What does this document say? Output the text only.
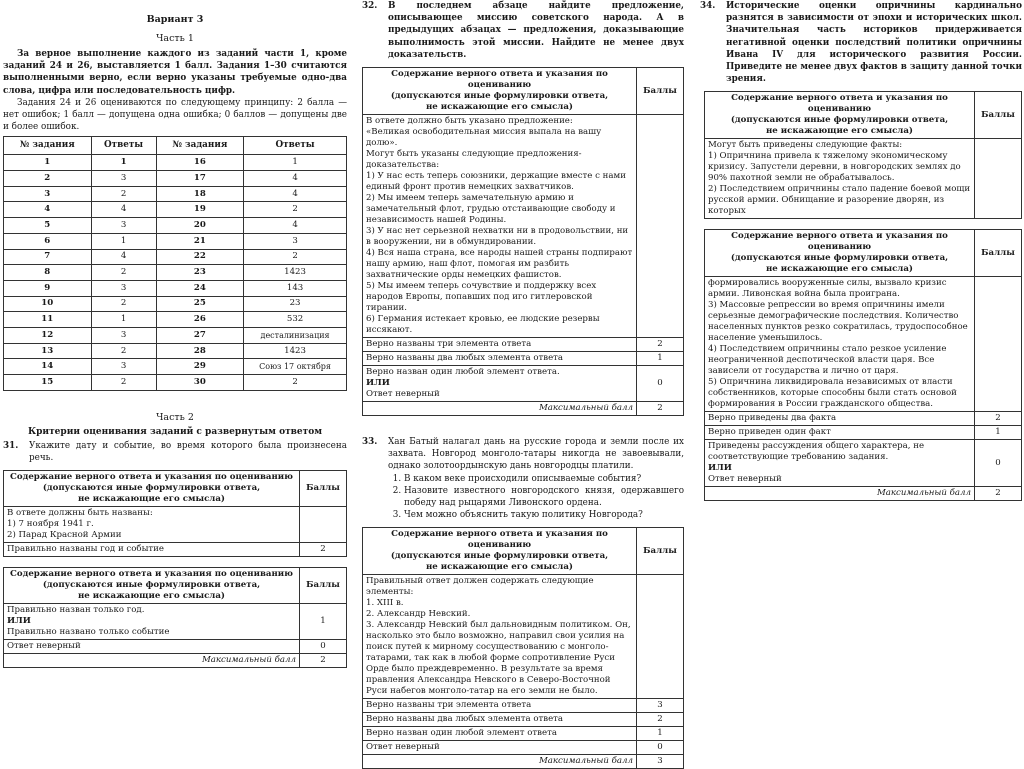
Вариант 3

Часть 1

За верное выполнение каждого из заданий части 1, кроме заданий 24 и 26, выставляется 1 балл. Задания 1–30 считаются выполненными верно, если верно указаны требуемые одно-два слова, цифра или последовательность цифр.

Задания 24 и 26 оцениваются по следующему принципу: 2 балла — нет ошибок; 1 балл — допущена одна ошибка; 0 баллов — допущены две и более ошибок.

№ задания	Ответы	№ задания	Ответы
1	1	16	1
2	3	17	4
3	2	18	4
4	4	19	2
5	3	20	4
6	1	21	3
7	4	22	2
8	2	23	1423
9	3	24	143
10	2	25	23
11	1	26	532
12	3	27	десталинизация
13	2	28	1423
14	3	29	Союз 17 октября
15	2	30	2

Часть 2

Критерии оценивания заданий с развернутым ответом

31. Укажите дату и событие, во время которого была произнесена речь.
Содержание верного ответа и указания по оцениванию
(допускаются иные формулировки ответа,
не искажающие его смысла)	Баллы

В ответе должны быть названы:
1) 7 ноября 1941 г.
2) Парад Красной Армии	

Правильно названы год и событие	2
Содержание верного ответа и указания по оцениванию
(допускаются иные формулировки ответа,
не искажающие его смысла)	Баллы

Правильно назван только год.
ИЛИ
Правильно названо только событие	1
Ответ неверный	0
Максимальный балл	2
32. В последнем абзаце найдите предложение, описывающее миссию советского народа. А в предыдущих абзацах — предложения, доказывающие выполнимость этой миссии. Найдите не менее двух доказательств.
Содержание верного ответа и указания по оцениванию
(допускаются иные формулировки ответа,
не искажающие его смысла)	Баллы

В ответе должно быть указано предложение:
«Великая освободительная миссия выпала на вашу долю».
Могут быть указаны следующие предложения-доказательства:
1) У нас есть теперь союзники, держащие вместе с нами единый фронт против немецких захватчиков.
2) Мы имеем теперь замечательную армию и замечательный флот, грудью отстаивающие свободу и независимость нашей Родины.
3) У нас нет серьезной нехватки ни в продовольствии, ни в вооружении, ни в обмундировании.
4) Вся наша страна, все народы нашей страны подпирают нашу армию, наш флот, помогая им разбить захватнические орды немецких фашистов.
5) Мы имеем теперь сочувствие и поддержку всех народов Европы, попавших под иго гитлеровской тирании.
6) Германия истекает кровью, ее людские резервы иссякают.

Верно названы три элемента ответа	2
Верно названы два любых элемента ответа	1

Верно назван один любой элемент ответа.
ИЛИ
Ответ неверный	0
Максимальный балл	2
33. Хан Батый налагал дань на русские города и земли после их захвата. Новгород монголо-татары никогда не завоевывали, однако золотоордынскую дань новгородцы платили.
1. В каком веке происходили описываемые события?
2. Назовите известного новгородского князя, одержавшего победу над рыцарями Ливонского ордена.
3. Чем можно объяснить такую политику Новгорода?
Содержание верного ответа и указания по оцениванию
(допускаются иные формулировки ответа,
не искажающие его смысла)	Баллы

Правильный ответ должен содержать следующие элементы:
1. XIII в.
2. Александр Невский.
3. Александр Невский был дальновидным политиком. Он, насколько это было возможно, направил свои усилия на поиск путей к мирному сосуществованию с монголо-татарами, так как в любой форме сопротивление Руси Орде было преждевременно. В результате за время правления Александра Невского в Северо-Восточной Руси набегов монголо-татар на его земли не было.	

Верно названы три элемента ответа	3
Верно названы два любых элемента ответа	2
Верно назван один любой элемент ответа	1
Ответ неверный	0
Максимальный балл	3
34. Исторические оценки опричнины кардинально разнятся в зависимости от эпохи и исторических школ. Значительная часть историков придерживается негативной оценки последствий политики опричнины Ивана IV для исторического развития России. Приведите не менее двух фактов в защиту данной точки зрения.
Содержание верного ответа и указания по оцениванию
(допускаются иные формулировки ответа,
не искажающие его смысла)	Баллы

Могут быть приведены следующие факты:
1) Опричнина привела к тяжелому экономическому кризису. Запустели деревни, в новгородских землях до 90% пахотной земли не обрабатывалось.
2) Последствием опричнины стало падение боевой мощи русской армии. Обнищание и разорение дворян, из которых	

Содержание верного ответа и указания по оцениванию
(допускаются иные формулировки ответа,
не искажающие его смысла)	Баллы

формировались вооруженные силы, вызвало кризис армии. Ливонская война была проиграна.
3) Массовые репрессии во время опричнины имели серьезные демографические последствия. Количество населенных пунктов резко сократилась, трудоспособное население уменьшилось.
4) Последствием опричнины стало резкое усиление неограниченной деспотической власти царя. Все зависели от государства и лично от царя.
5) Опричнина ликвидировала независимых от власти собственников, которые способны были стать основой формирования в России гражданского общества.	

Верно приведены два факта	2
Верно приведен один факт	1

Приведены рассуждения общего характера, не соответствующие требованию задания.
ИЛИ
Ответ неверный	0
Максимальный балл	2
